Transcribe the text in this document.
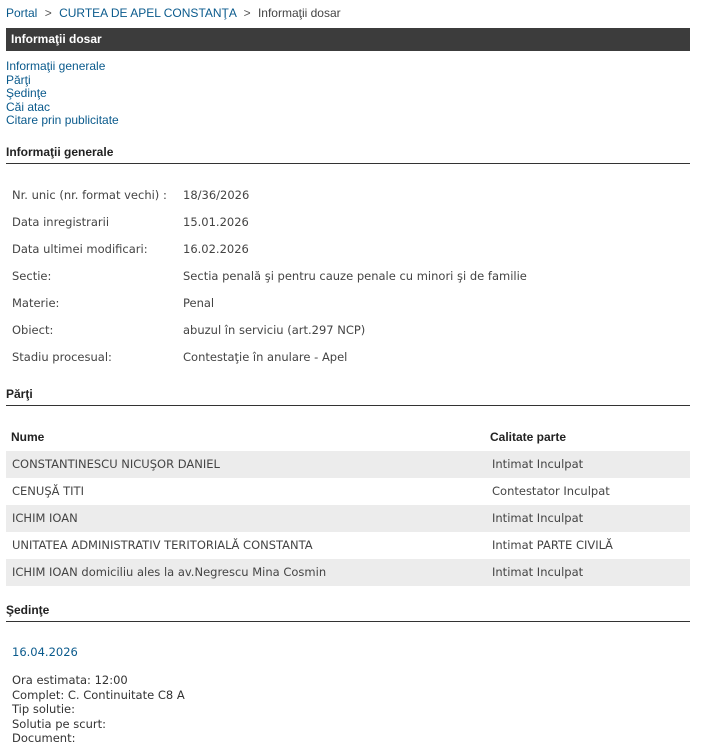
Portal > CURTEA DE APEL CONSTANŢA > Informaţii dosar
Informaţii dosar
Informaţii generale
Părţi
Şedinţe
Căi atac
Citare prin publicitate
Informaţii generale
Nr. unic (nr. format vechi) : 18/36/2026
Data inregistrarii	15.01.2026
Data ultimei modificari:	16.02.2026
Sectie:	Sectia penală şi pentru cauze penale cu minori şi de familie
Materie:	Penal
Obiect:	abuzul în serviciu (art.297 NCP)
Stadiu procesual:	Contestaţie în anulare - Apel
Părţi
Nume	Calitate parte
CONSTANTINESCU NICUŞOR DANIEL	Intimat Inculpat
CENUŞĂ TITI	Contestator Inculpat
ICHIM IOAN	Intimat Inculpat
UNITATEA ADMINISTRATIV TERITORIALĂ CONSTANTA	Intimat PARTE CIVILĂ
ICHIM IOAN domiciliu ales la av.Negrescu Mina Cosmin	Intimat Inculpat
Şedinţe
16.04.2026
Ora estimata: 12:00
Complet: C. Continuitate C8 A
Tip solutie:
Solutia pe scurt:
Document:
